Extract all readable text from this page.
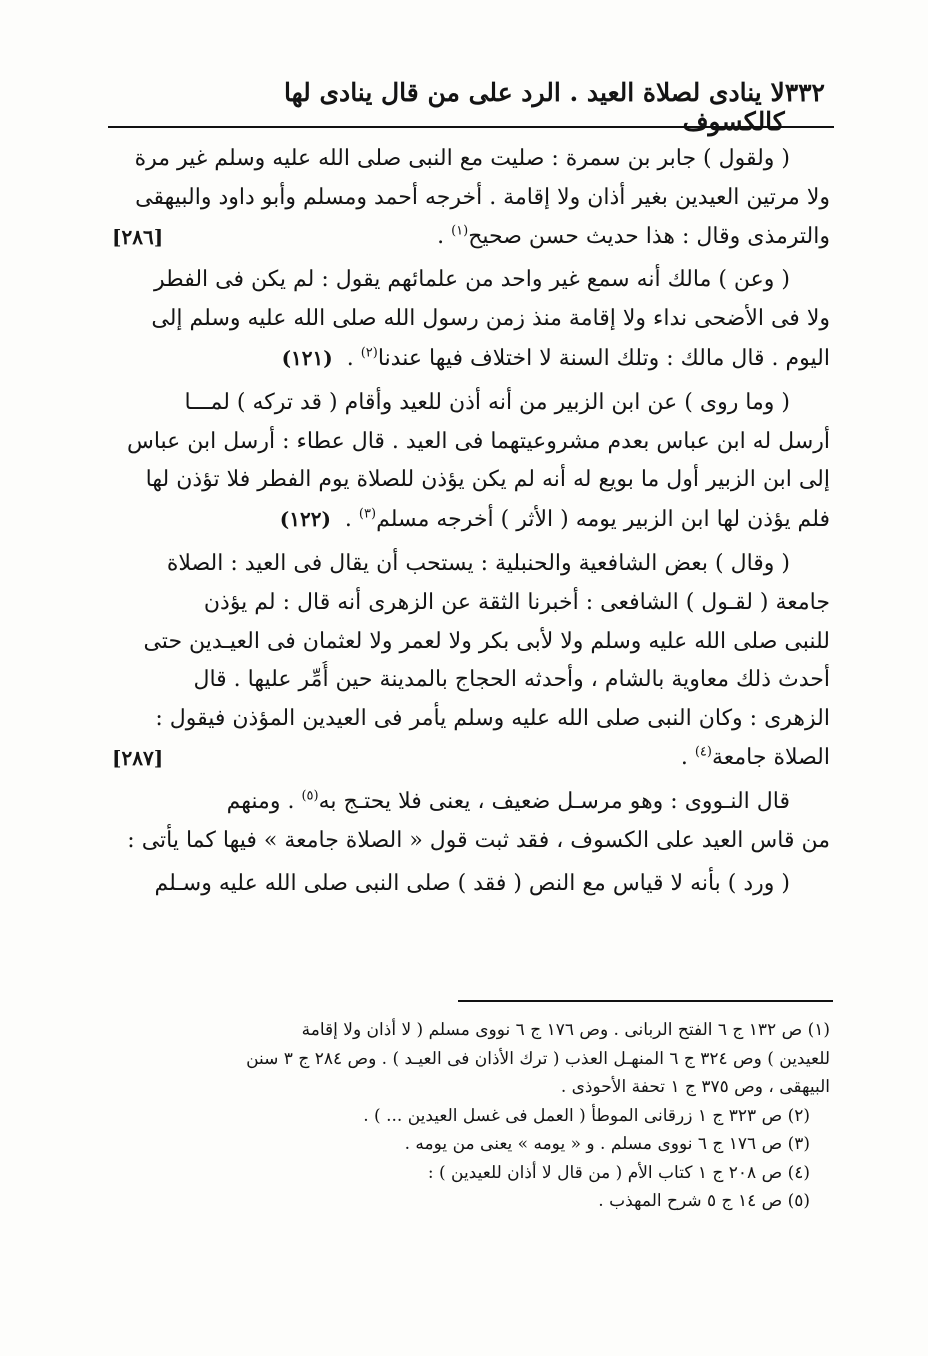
٣٣٢
لا ينادى لصلاة العيد . الرد على من قال ينادى لها كالكسوف
( ولقول ) جابر بن سمرة : صليت مع النبى صلى الله عليه وسلم غير مرة
ولا مرتين العيدين بغير أذان ولا إقامة . أخرجه أحمد ومسلم وأبو داود والبيهقى
[٢٨٦]	والترمذى وقال : هذا حديث حسن صحيح$^{(١)}$ .
( وعن ) مالك أنه سمع غير واحد من علمائهم يقول : لم يكن فى الفطر
ولا فى الأضحى نداء ولا إقامة منذ زمن رسول الله صلى الله عليه وسلم إلى
اليوم . قال مالك : وتلك السنة لا اختلاف فيها عندنا$^{(٢)}$ .  (١٢١)
( وما روى ) عن ابن الزبير من أنه أذن للعيد وأقام ( قد تركه ) لمـــا
أرسل له ابن عباس بعدم مشروعيتهما فى العيد . قال عطاء : أرسل ابن عباس
إلى ابن الزبير أول ما بويع له أنه لم يكن يؤذن للصلاة يوم الفطر فلا تؤذن لها
فلم يؤذن لها ابن الزبير يومه ( الأثر ) أخرجه مسلم$^{(٣)}$ .  (١٢٢)
( وقال ) بعض الشافعية والحنبلية : يستحب أن يقال فى العيد : الصلاة
جامعة ( لقـول ) الشافعى : أخبرنا الثقة عن الزهرى أنه قال : لم يؤذن
للنبى صلى الله عليه وسلم ولا لأبى بكر ولا لعمر ولا لعثمان فى العيـدين حتى
أحدث ذلك معاوية بالشام ، وأحدثه الحجاج بالمدينة حين أُمِّر عليها . قال
الزهرى : وكان النبى صلى الله عليه وسلم يأمر فى العيدين المؤذن فيقول :
[٢٨٧]	الصلاة جامعة$^{(٤)}$ .
قال النـووى : وهو مرسـل ضعيف ، يعنى فلا يحتـج به$^{(٥)}$ . ومنهم
من قاس العيد على الكسوف ، فقد ثبت قول « الصلاة جامعة » فيها كما يأتى :
( ورد ) بأنه لا قياس مع النص ( فقد ) صلى النبى صلى الله عليه وسـلم
(١) ص ١٣٢ ج ٦ الفتح الربانى . وص ١٧٦ ج ٦ نووى مسلم ( لا أذان ولا إقامة
للعيدين ) وص ٣٢٤ ج ٦ المنهـل العذب ( ترك الأذان فى العيـد ) . وص ٢٨٤ ج ٣ سنن
البيهقى ، وص ٣٧٥ ج ١ تحفة الأحوذى .
(٢) ص ٣٢٣ ج ١ زرقانى الموطأ ( العمل فى غسل العيدين ... ) .
(٣) ص ١٧٦ ج ٦ نووى مسلم . و « يومه » يعنى من يومه .
(٤) ص ٢٠٨ ج ١ كتاب الأم ( من قال لا أذان للعيدين ) :
(٥) ص ١٤ ج ٥ شرح المهذب .
